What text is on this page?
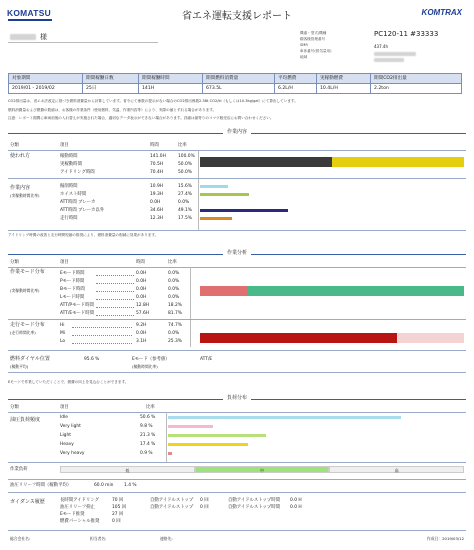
KOMATSU	省エネ運転支援レポート	KOMTRAX
様	機番・型式/機種
顧客様管理番号
SMR
車体番号(排気量用)
地域
PC120-11 #33333
437.4h
対象期間	期間稼働日数	期間稼働時間	期間燃料消費量	平均燃費	実稼動燃費	期間CO2排出量
2019/01 - 2019/02	25日	141H	673.5L	6.2L/H	10.4L/H	2.2ton
CO2排出量は、省エネ法改定に基づき燃料消費量から計算しています。省令にて係数の提示がない場合のCO2排出係数2.58t CO2/kl（もしくは10.3kg/gal）にて算出しています。
燃料消費量および燃費の数値は、お客様の作業条件（使用燃料、気温、作業内容等）により、実際の値とずれる場合があります。
注意：レポート期間に車両前後の入れ替えが実施された場合、適切なデータ表示ができない場合があります。詳細は最寄りのコマツ販売店にお問い合わせください。
作業内容
分類	項目	時間	比率
使われ方	稼動時間	141.0H	100.0%
実稼動時間	70.5H	50.0%
アイドリング時間	70.4H	50.0%
作業内容
(実稼動時間比率)
掘削時間	10.9H	15.6%
ホイスト時間	19.3H	27.4%
ATT時間 ブレーカ	0.0H	0.0%
ATT時間 ブレーカ以外	34.6H	49.1%
走行時間	12.3H	17.5%
アイドリング時間の改善と走行時間短縮の推奨により、燃料消費量の削減に効果があります。
作業分析
分類	項目	時間	比率
作業モード分布
(実稼動時間比率)
Eモード時間	0.0H	0.0%
Pモード時間	0.0H	0.0%
Bモード時間	0.0H	0.0%
Lモード時間	0.0H	0.0%
ATT/Pモード時間	12.8H	18.2%
ATT/Eモード時間	57.6H	81.7%
走行モード分布
(走行時間比率)
Hi	9.2H	74.7%
Mi	0.0H	0.0%
Lo	3.1H	25.3%
燃料ダイヤル位置
(稼動平均)
95.6 %	Eモード（参考値）
(稼動時間比率)
ATT/E
Eモードで作業していただくことで、燃費の向上を見込むことができます。
負荷分布
分類	項目	比率
油圧負荷頻度	Idle	50.6 %
Very light	9.8 %
Light	21.3 %
Heavy	17.4 %
Very heavy	0.9 %
作業負荷	低	中	高
油圧リリーフ時間（稼動平均）	60.0 min 1.4 %
ガイダンス履歴	長時間アイドリング	70 回
油圧リリーフ抑止	105 回
Eモード推奨	27 回
燃費パーシャル推奨	0 回
自動アイドルストップ 0 回	自動アイドルストップ時間 0.0 H
自動アイドルストップ 0 回	自動アイドルストップ時間 0.0 H
総合会社名:	担当者名:	連絡先:	作成日：2019/03/12
